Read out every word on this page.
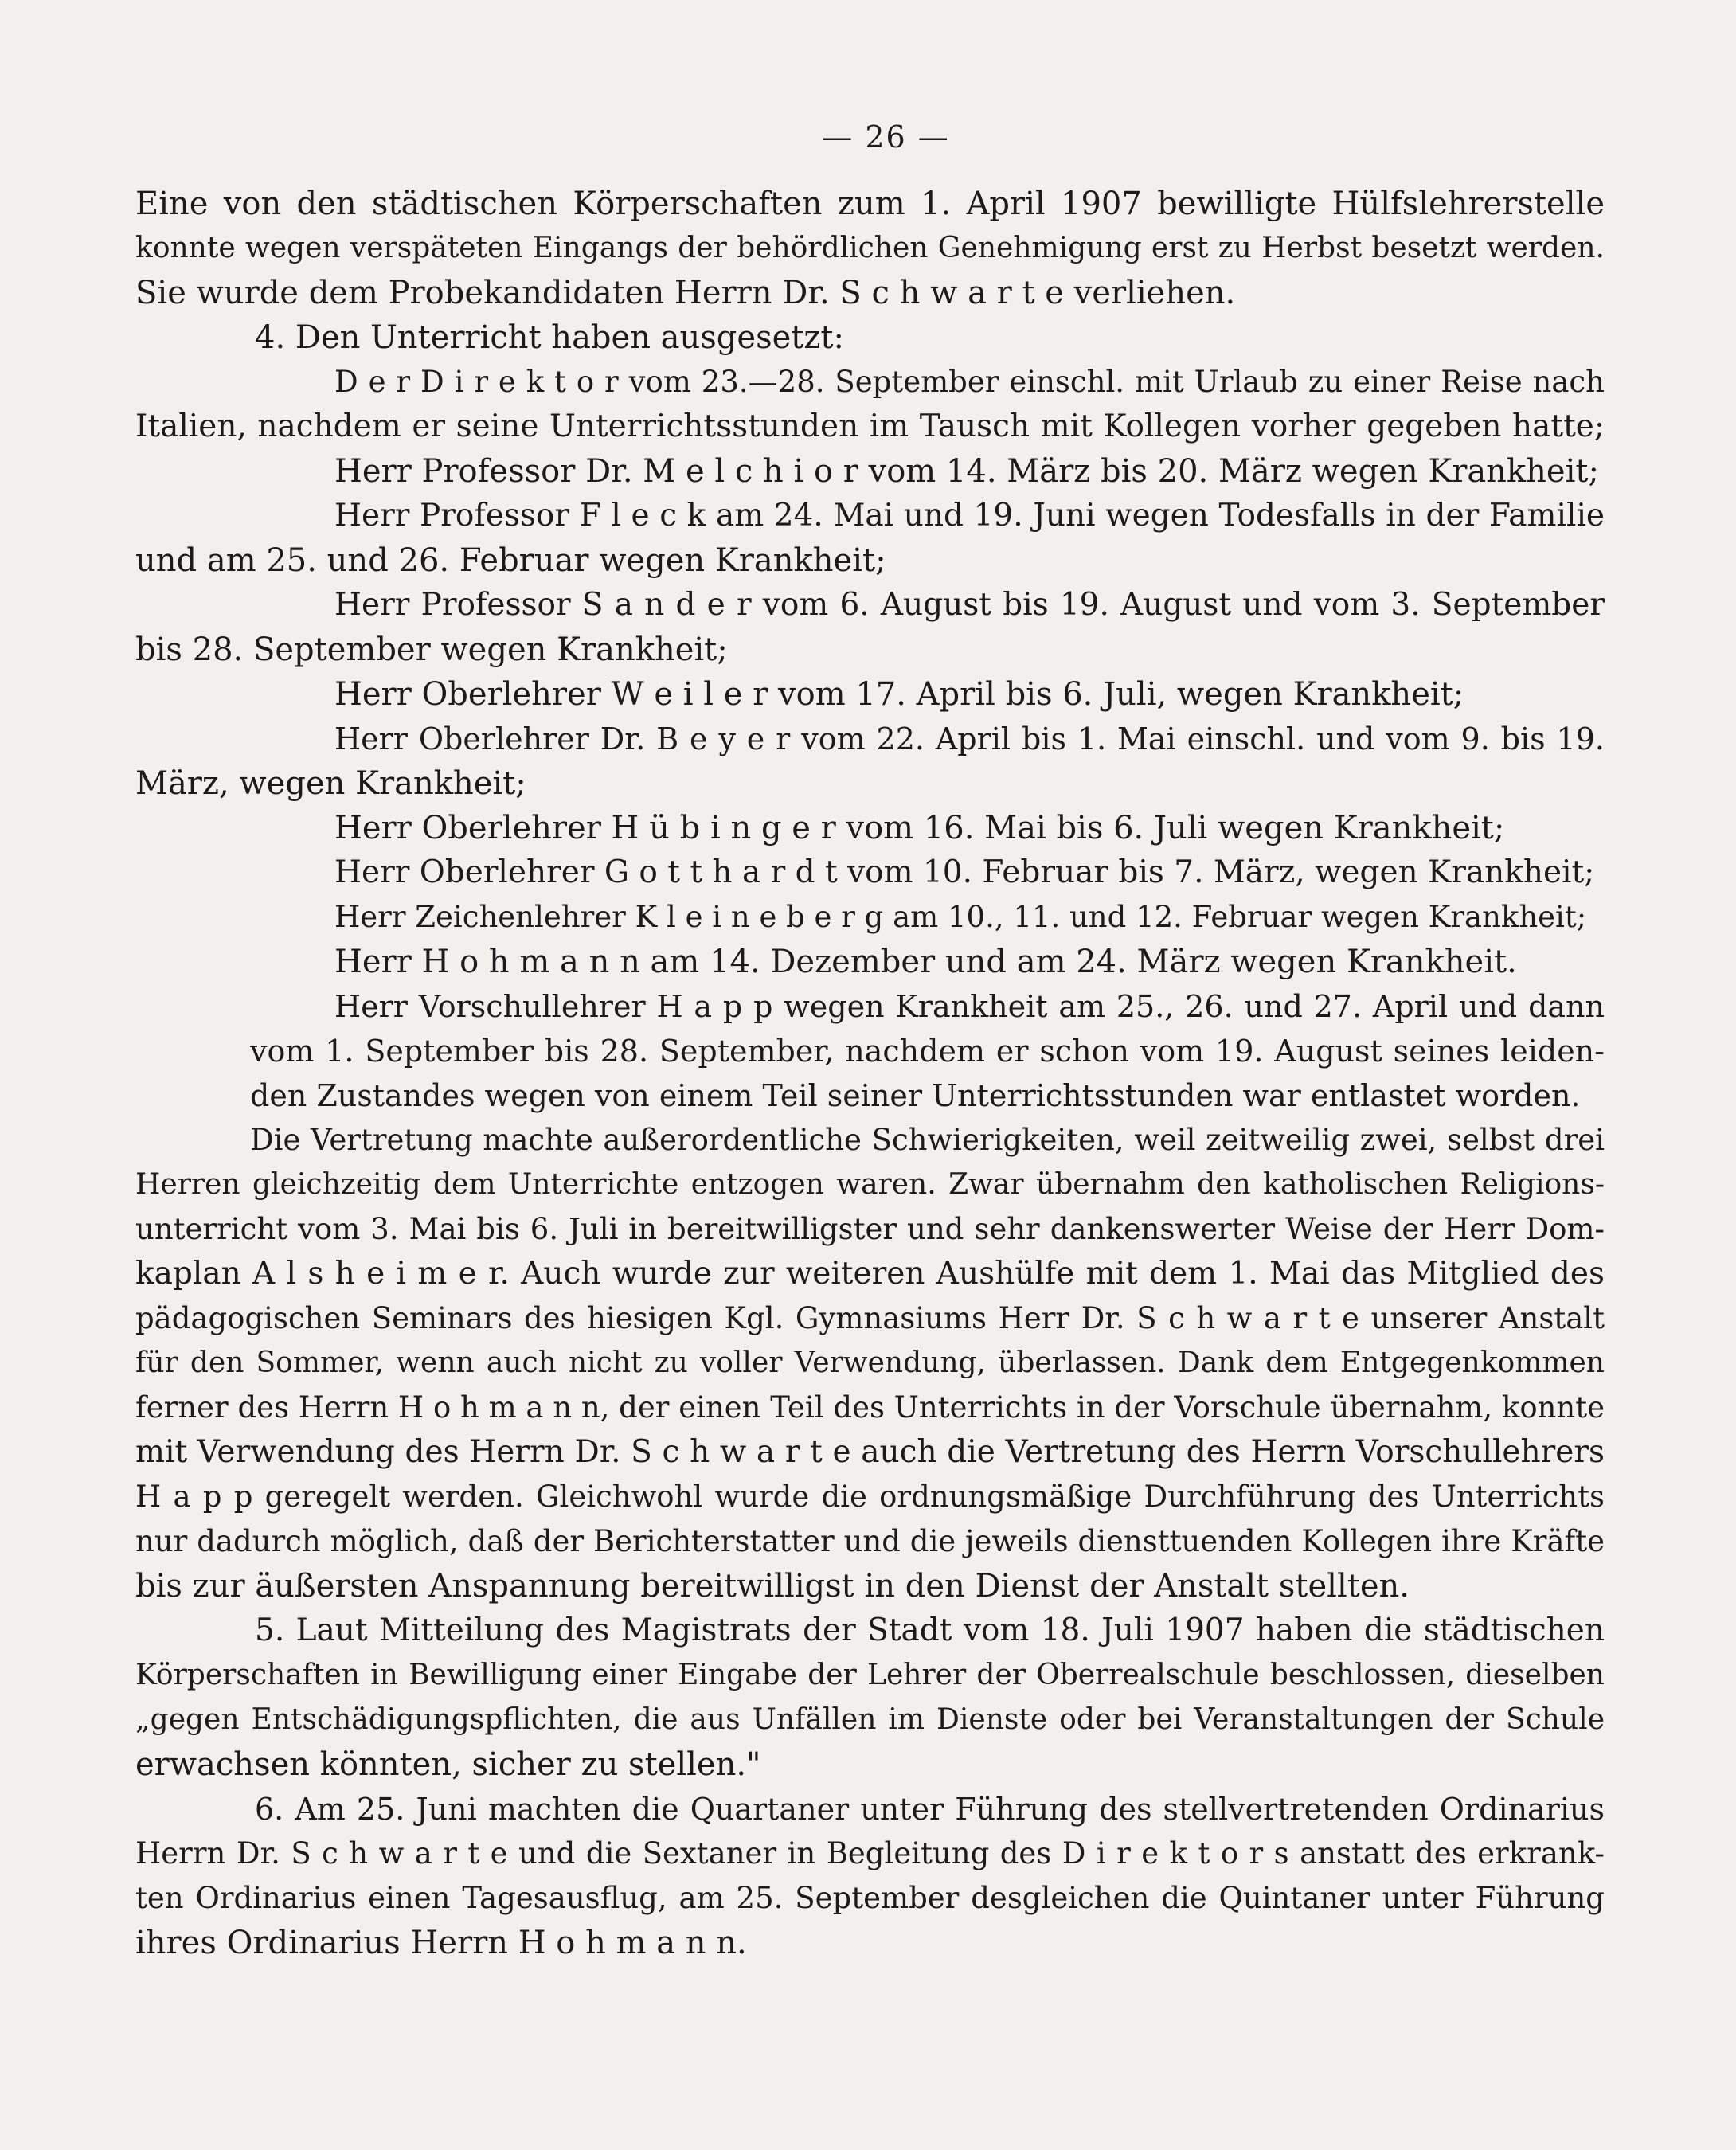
— 26 —
Eine von den städtischen Körperschaften zum 1. April 1907 bewilligte Hülfslehrerstelle
konnte wegen verspäteten Eingangs der behördlichen Genehmigung erst zu Herbst besetzt werden.
Sie wurde dem Probekandidaten Herrn Dr. S c h w a r t e verliehen.
4. Den Unterricht haben ausgesetzt:
D e r D i r e k t o r vom 23.—28. September einschl. mit Urlaub zu einer Reise nach
Italien, nachdem er seine Unterrichtsstunden im Tausch mit Kollegen vorher gegeben hatte;
Herr Professor Dr. M e l c h i o r vom 14. März bis 20. März wegen Krankheit;
Herr Professor F l e c k am 24. Mai und 19. Juni wegen Todesfalls in der Familie
und am 25. und 26. Februar wegen Krankheit;
Herr Professor S a n d e r vom 6. August bis 19. August und vom 3. September
bis 28. September wegen Krankheit;
Herr Oberlehrer W e i l e r vom 17. April bis 6. Juli, wegen Krankheit;
Herr Oberlehrer Dr. B e y e r vom 22. April bis 1. Mai einschl. und vom 9. bis 19.
März, wegen Krankheit;
Herr Oberlehrer H ü b i n g e r vom 16. Mai bis 6. Juli wegen Krankheit;
Herr Oberlehrer G o t t h a r d t vom 10. Februar bis 7. März, wegen Krankheit;
Herr Zeichenlehrer K l e i n e b e r g am 10., 11. und 12. Februar wegen Krankheit;
Herr H o h m a n n am 14. Dezember und am 24. März wegen Krankheit.
Herr Vorschullehrer H a p p wegen Krankheit am 25., 26. und 27. April und dann
vom 1. September bis 28. September, nachdem er schon vom 19. August seines leiden-
den Zustandes wegen von einem Teil seiner Unterrichtsstunden war entlastet worden.
Die Vertretung machte außerordentliche Schwierigkeiten, weil zeitweilig zwei, selbst drei
Herren gleichzeitig dem Unterrichte entzogen waren. Zwar übernahm den katholischen Religions-
unterricht vom 3. Mai bis 6. Juli in bereitwilligster und sehr dankenswerter Weise der Herr Dom-
kaplan A l s h e i m e r. Auch wurde zur weiteren Aushülfe mit dem 1. Mai das Mitglied des
pädagogischen Seminars des hiesigen Kgl. Gymnasiums Herr Dr. S c h w a r t e unserer Anstalt
für den Sommer, wenn auch nicht zu voller Verwendung, überlassen. Dank dem Entgegenkommen
ferner des Herrn H o h m a n n, der einen Teil des Unterrichts in der Vorschule übernahm, konnte
mit Verwendung des Herrn Dr. S c h w a r t e auch die Vertretung des Herrn Vorschullehrers
H a p p geregelt werden. Gleichwohl wurde die ordnungsmäßige Durchführung des Unterrichts
nur dadurch möglich, daß der Berichterstatter und die jeweils diensttuenden Kollegen ihre Kräfte
bis zur äußersten Anspannung bereitwilligst in den Dienst der Anstalt stellten.
5. Laut Mitteilung des Magistrats der Stadt vom 18. Juli 1907 haben die städtischen
Körperschaften in Bewilligung einer Eingabe der Lehrer der Oberrealschule beschlossen, dieselben
„gegen Entschädigungspflichten, die aus Unfällen im Dienste oder bei Veranstaltungen der Schule
erwachsen könnten, sicher zu stellen."
6. Am 25. Juni machten die Quartaner unter Führung des stellvertretenden Ordinarius
Herrn Dr. S c h w a r t e und die Sextaner in Begleitung des D i r e k t o r s anstatt des erkrank-
ten Ordinarius einen Tagesausflug, am 25. September desgleichen die Quintaner unter Führung
ihres Ordinarius Herrn H o h m a n n.
